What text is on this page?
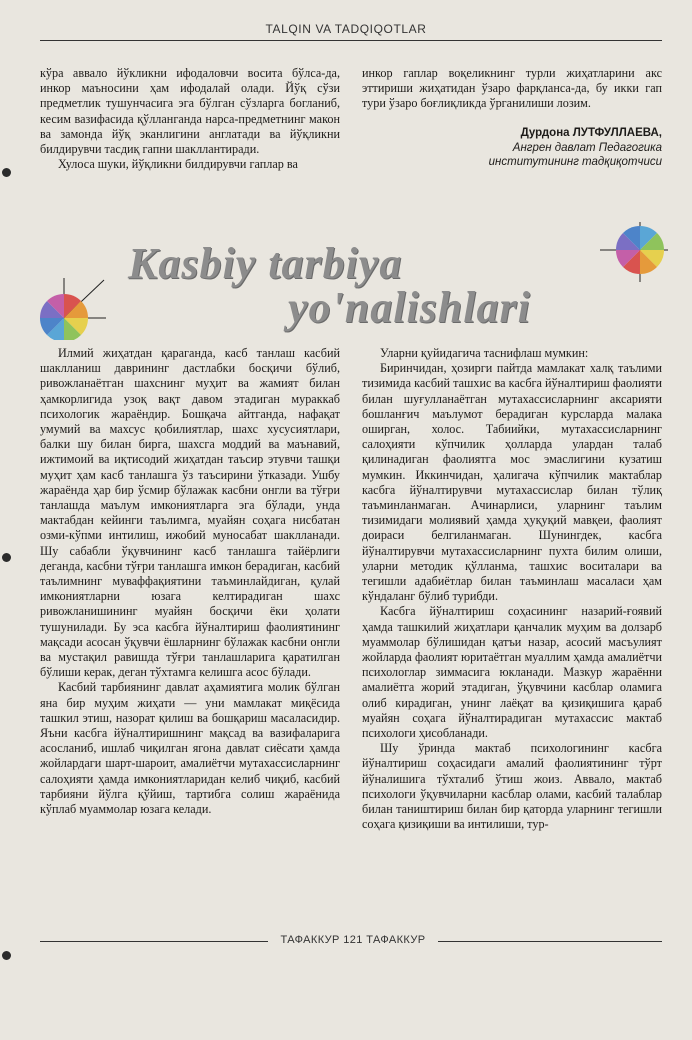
TALQIN VA TADQIQOTLAR

кўра аввало йўкликни ифодаловчи восита бўлса-да, инкор маъносини ҳам ифодалай олади. Йўқ сўзи предметлик тушунчасига эга бўлган сўзларга богланиб, кесим вазифасида қўлланганда нарса-предметнинг макон ва замонда йўқ эканлигини англатади ва йўқликни билдирувчи тасдиқ гапни шакллантиради.

Хулоса шуки, йўқликни билдирувчи гаплар ва

инкор гаплар воқеликнинг турли жиҳатларини акс эттириши жиҳатидан ўзаро фарқланса-да, бу икки гап тури ўзаро боғлиқликда ўрганилиши лозим.

Дурдона ЛУТФУЛЛАЕВА,
Ангрен давлат Педагогика
институтининг тадқиқотчиси
Kasbiy tarbiya
yo'nalishlari

Илмий жиҳатдан қараганда, касб танлаш касбий шаклланиш даврининг дастлабки босқичи бўлиб, ривожланаётган шахснинг муҳит ва жамият билан ҳамкорлигида узоқ вақт давом этадиган мураккаб психологик жараёндир. Бошқача айтганда, нафақат умумий ва махсус қобилиятлар, шахс хусусиятлари, балки шу билан бирга, шахсга моддий ва маънавий, ижтимоий ва иқтисодий жиҳатдан таъсир этувчи ташқи муҳит ҳам касб танлашга ўз таъсирини ўтказади. Ушбу жараёнда ҳар бир ўсмир бўлажак касбни онгли ва тўғри танлашда маълум имкониятларга эга бўлади, унда мактабдан кейинги таълимга, муайян соҳага нисбатан озми-кўпми интилиш, ижобий муносабат шаклланади. Шу сабабли ўқувчининг касб танлашга тайёрлиги деганда, касбни тўғри танлашга имкон берадиган, касбий таълимнинг муваффақиятини таъминлайдиган, қулай имкониятларни юзага келтирадиган шахс ривожланишининг муайян босқичи ёки ҳолати тушунилади. Бу эса касбга йўналтириш фаолиятининг мақсади асосан ўқувчи ёшларнинг бўлажак касбни онгли ва мустақил равишда тўғри танлашларига қаратилган бўлиши керак, деган тўхтамга келишга асос бўлади.

Касбий тарбиянинг давлат аҳамиятига молик бўлган яна бир муҳим жиҳати — уни мамлакат миқёсида ташкил этиш, назорат қилиш ва бошқариш масаласидир. Яъни касбга йўналтиришнинг мақсад ва вазифаларига асосланиб, ишлаб чиқилган ягона давлат сиёсати ҳамда жойлардаги шарт-шароит, амалиётчи мутахассисларнинг салоҳияти ҳамда имкониятларидан келиб чиқиб, касбий тарбияни йўлга қўйиш, тартибга солиш жараёнида кўплаб муаммолар юзага келади.

Уларни қуйидагича таснифлаш мумкин:

Биринчидан, ҳозирги пайтда мамлакат халқ таълими тизимида касбий ташхис ва касбга йўналтириш фаолияти билан шуғулланаётган мутахассисларнинг аксарияти бошланғич маълумот берадиган курсларда малака оширган, холос. Табиийки, мутахассисларнинг салоҳияти кўпчилик ҳолларда улардан талаб қилинадиган фаолиятга мос эмаслигини кузатиш мумкин. Иккинчидан, ҳалигача кўпчилик мактаблар касбга йўналтирувчи мутахассислар билан тўлиқ таъминланмаган. Ачинарлиси, уларнинг таълим тизимидаги молиявий ҳамда ҳуқуқий мавқеи, фаолият доираси белгиланмаган. Шунингдек, касбга йўналтирувчи мутахассисларнинг пухта билим олиши, уларни методик қўлланма, ташхис воситалари ва тегишли адабиётлар билан таъминлаш масаласи ҳам кўндаланг бўлиб турибди.

Касбга йўналтириш соҳасининг назарий-ғоявий ҳамда ташкилий жиҳатлари қанчалик муҳим ва долзарб муаммолар бўлишидан қатъи назар, асосий масъулият жойларда фаолият юритаётган муаллим ҳамда амалиётчи психологлар зиммасига юкланади. Мазкур жараённи амалиётга жорий этадиган, ўқувчини касблар оламига олиб кирадиган, унинг лаёқат ва қизиқишига қараб муайян соҳага йўналтирадиган мутахассис мактаб психологи ҳисобланади.

Шу ўринда мактаб психологининг касбга йўналтириш соҳасидаги амалий фаолиятининг тўрт йўналишига тўхталиб ўтиш жоиз. Аввало, мактаб психологи ўқувчиларни касблар олами, касбий талаблар билан таништириш билан бир қаторда уларнинг тегишли соҳага қизиқиши ва интилиши, тур-

ТАФАККУР 121 ТАФАККУР
